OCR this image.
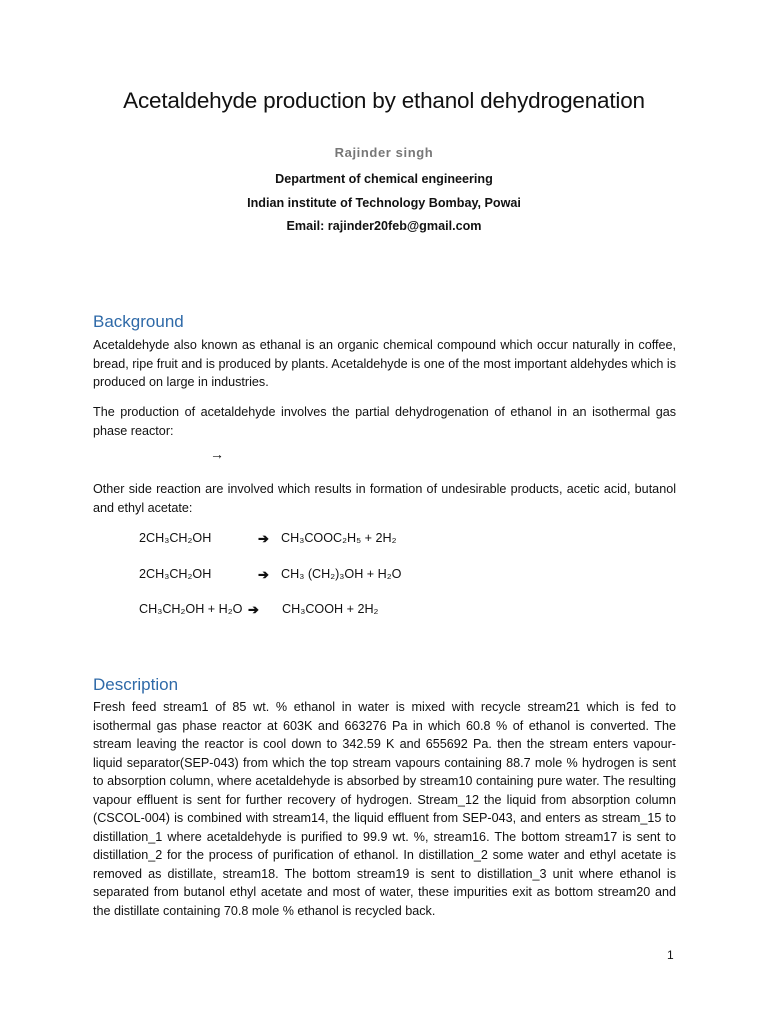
Acetaldehyde production by ethanol dehydrogenation
Rajinder singh
Department of chemical engineering
Indian institute of Technology Bombay, Powai
Email: rajinder20feb@gmail.com
Background
Acetaldehyde also known as ethanal is an organic chemical compound which occur naturally in coffee, bread, ripe fruit and is produced by plants. Acetaldehyde is one of the most important aldehydes which is produced on large in industries.
The production of acetaldehyde involves the partial dehydrogenation of ethanol in an isothermal gas phase reactor:
→
Other side reaction are involved which results in formation of undesirable products, acetic acid, butanol and ethyl acetate:
2CH₃CH₂OH	➔ CH₃COOC₂H₅ + 2H₂
2CH₃CH₂OH	➔ CH₃ (CH₂)₃OH + H₂O
CH₃CH₂OH + H₂O ➔ CH₃COOH + 2H₂
Description
Fresh feed stream1 of 85 wt. % ethanol in water is mixed with recycle stream21 which is fed to isothermal gas phase reactor at 603K and 663276 Pa in which 60.8 % of ethanol is converted. The stream leaving the reactor is cool down to 342.59 K and 655692 Pa. then the stream enters vapour-liquid separator(SEP-043) from which the top stream vapours containing 88.7 mole % hydrogen is sent to absorption column, where acetaldehyde is absorbed by stream10 containing pure water. The resulting vapour effluent is sent for further recovery of hydrogen. Stream_12 the liquid from absorption column (CSCOL-004) is combined with stream14, the liquid effluent from SEP-043, and enters as stream_15 to distillation_1 where acetaldehyde is purified to 99.9 wt. %, stream16. The bottom stream17 is sent to distillation_2 for the process of purification of ethanol. In distillation_2 some water and ethyl acetate is removed as distillate, stream18. The bottom stream19 is sent to distillation_3 unit where ethanol is separated from butanol ethyl acetate and most of water, these impurities exit as bottom stream20 and the distillate containing 70.8 mole % ethanol is recycled back.
1
